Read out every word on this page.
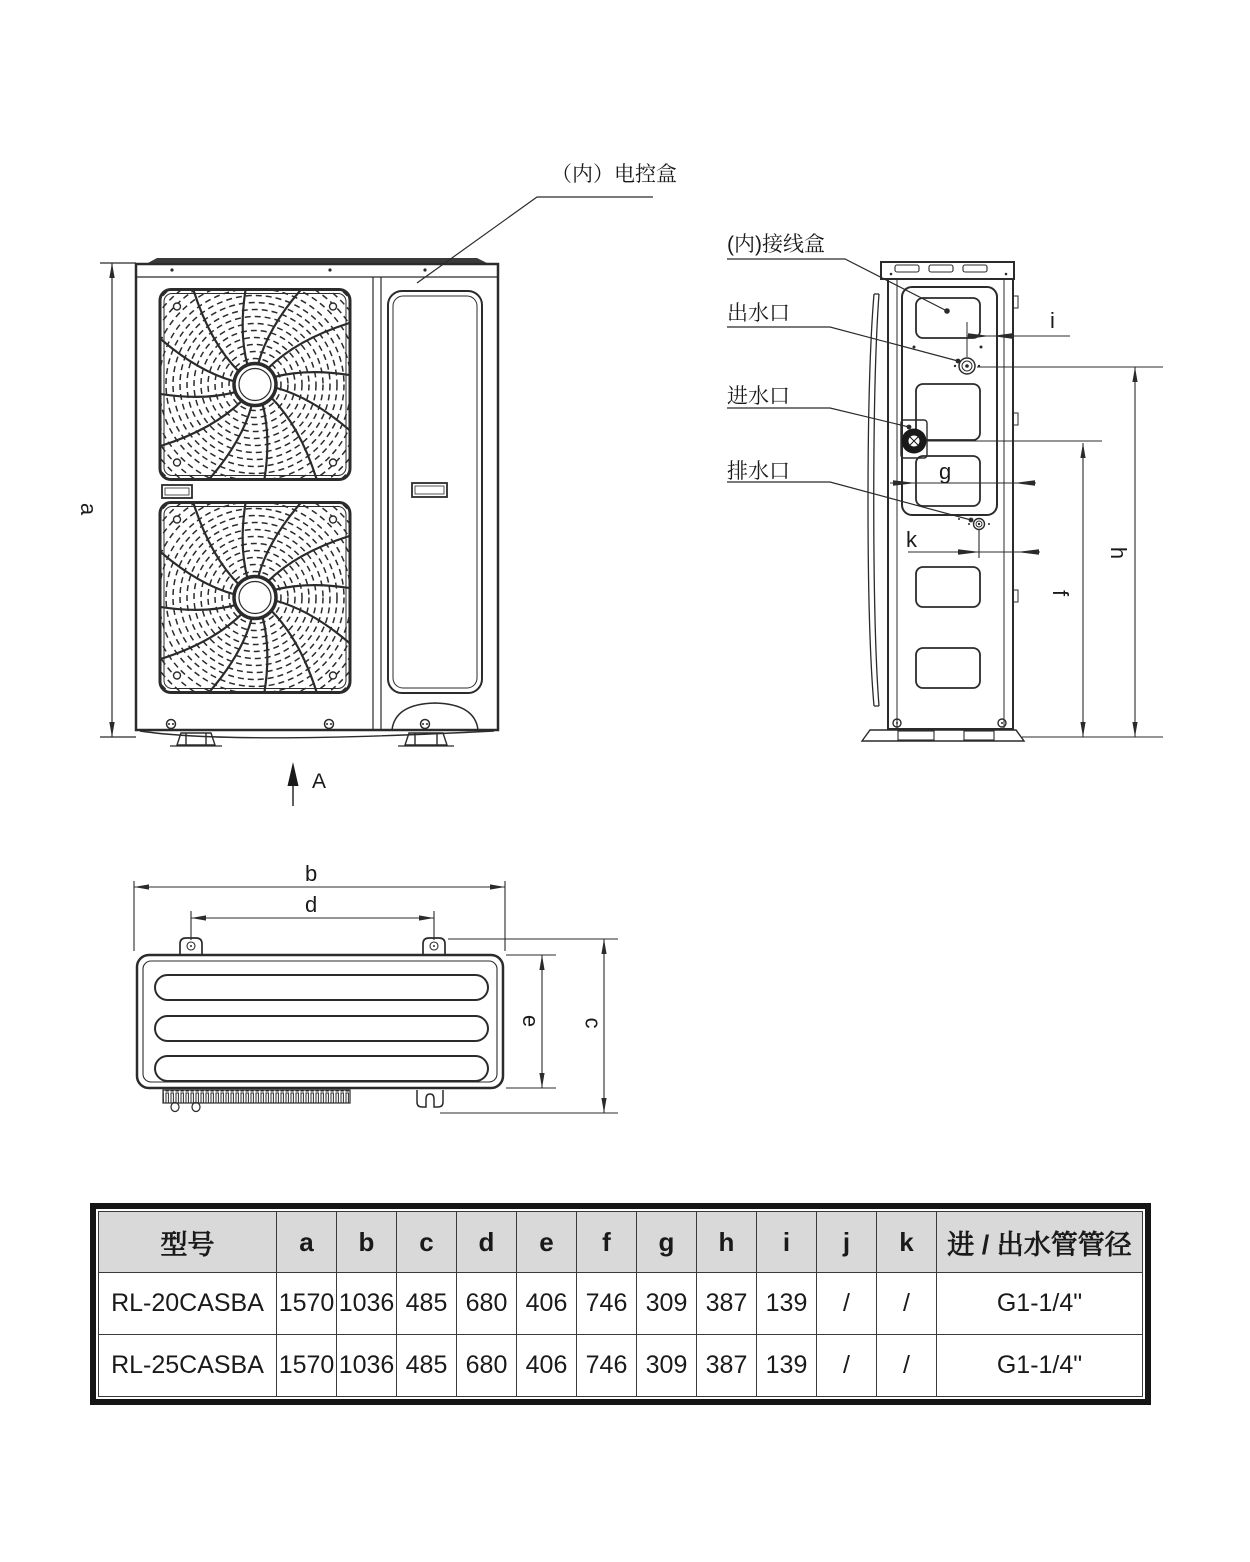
（内）电控盒
(内)接线盒
出水口
进水口
排水口
a
A
i
g
k
f
h
b
d
e c
型号	a	b	c	d	e	f	g	h	i	j	k	进 / 出水管管径
RL-20CASBA	1570	1036	485	680	406	746	309	387	139	/	/	G1-1/4"
RL-25CASBA	1570	1036	485	680	406	746	309	387	139	/	/	G1-1/4"
